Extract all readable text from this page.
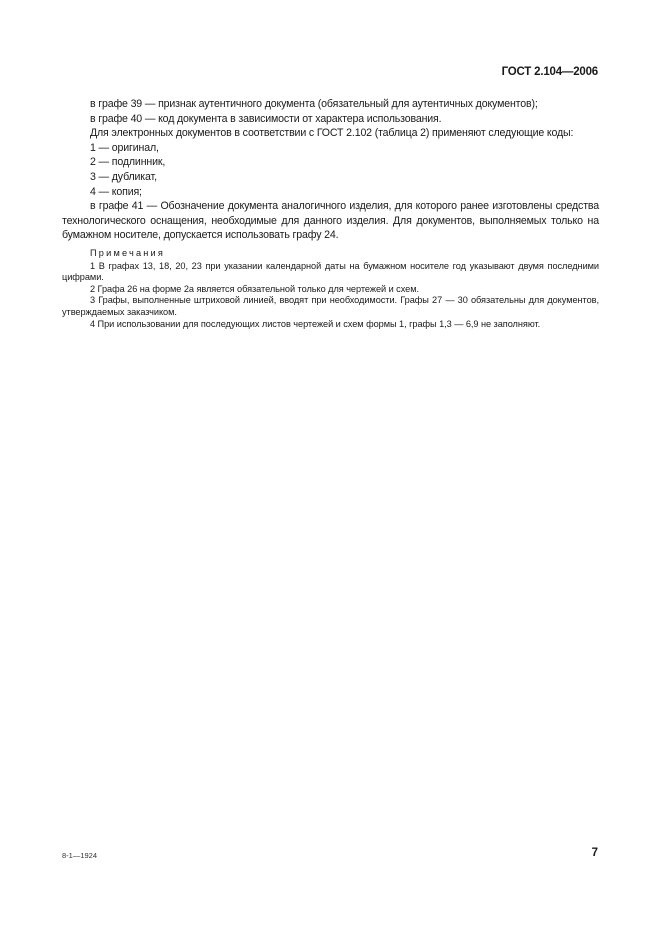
ГОСТ 2.104—2006

в графе 39 — признак аутентичного документа (обязательный для аутентичных документов);

в графе 40 — код документа в зависимости от характера использования.

Для электронных документов в соответствии с ГОСТ 2.102 (таблица 2) применяют следующие коды:

1 — оригинал,

2 — подлинник,

3 — дубликат,

4 — копия;

в графе 41 — Обозначение документа аналогичного изделия, для которого ранее изготовлены средства технологического оснащения, необходимые для данного изделия. Для документов, выполняемых только на бумажном носителе, допускается использовать графу 24.

Примечания

1 В графах 13, 18, 20, 23 при указании календарной даты на бумажном носителе год указывают двумя последними цифрами.

2 Графа 26 на форме 2а является обязательной только для чертежей и схем.

3 Графы, выполненные штриховой линией, вводят при необходимости. Графы 27 — 30 обязательны для документов, утверждаемых заказчиком.

4 При использовании для последующих листов чертежей и схем формы 1, графы 1,3 — 6,9 не заполняют.

8-1—1924	7
